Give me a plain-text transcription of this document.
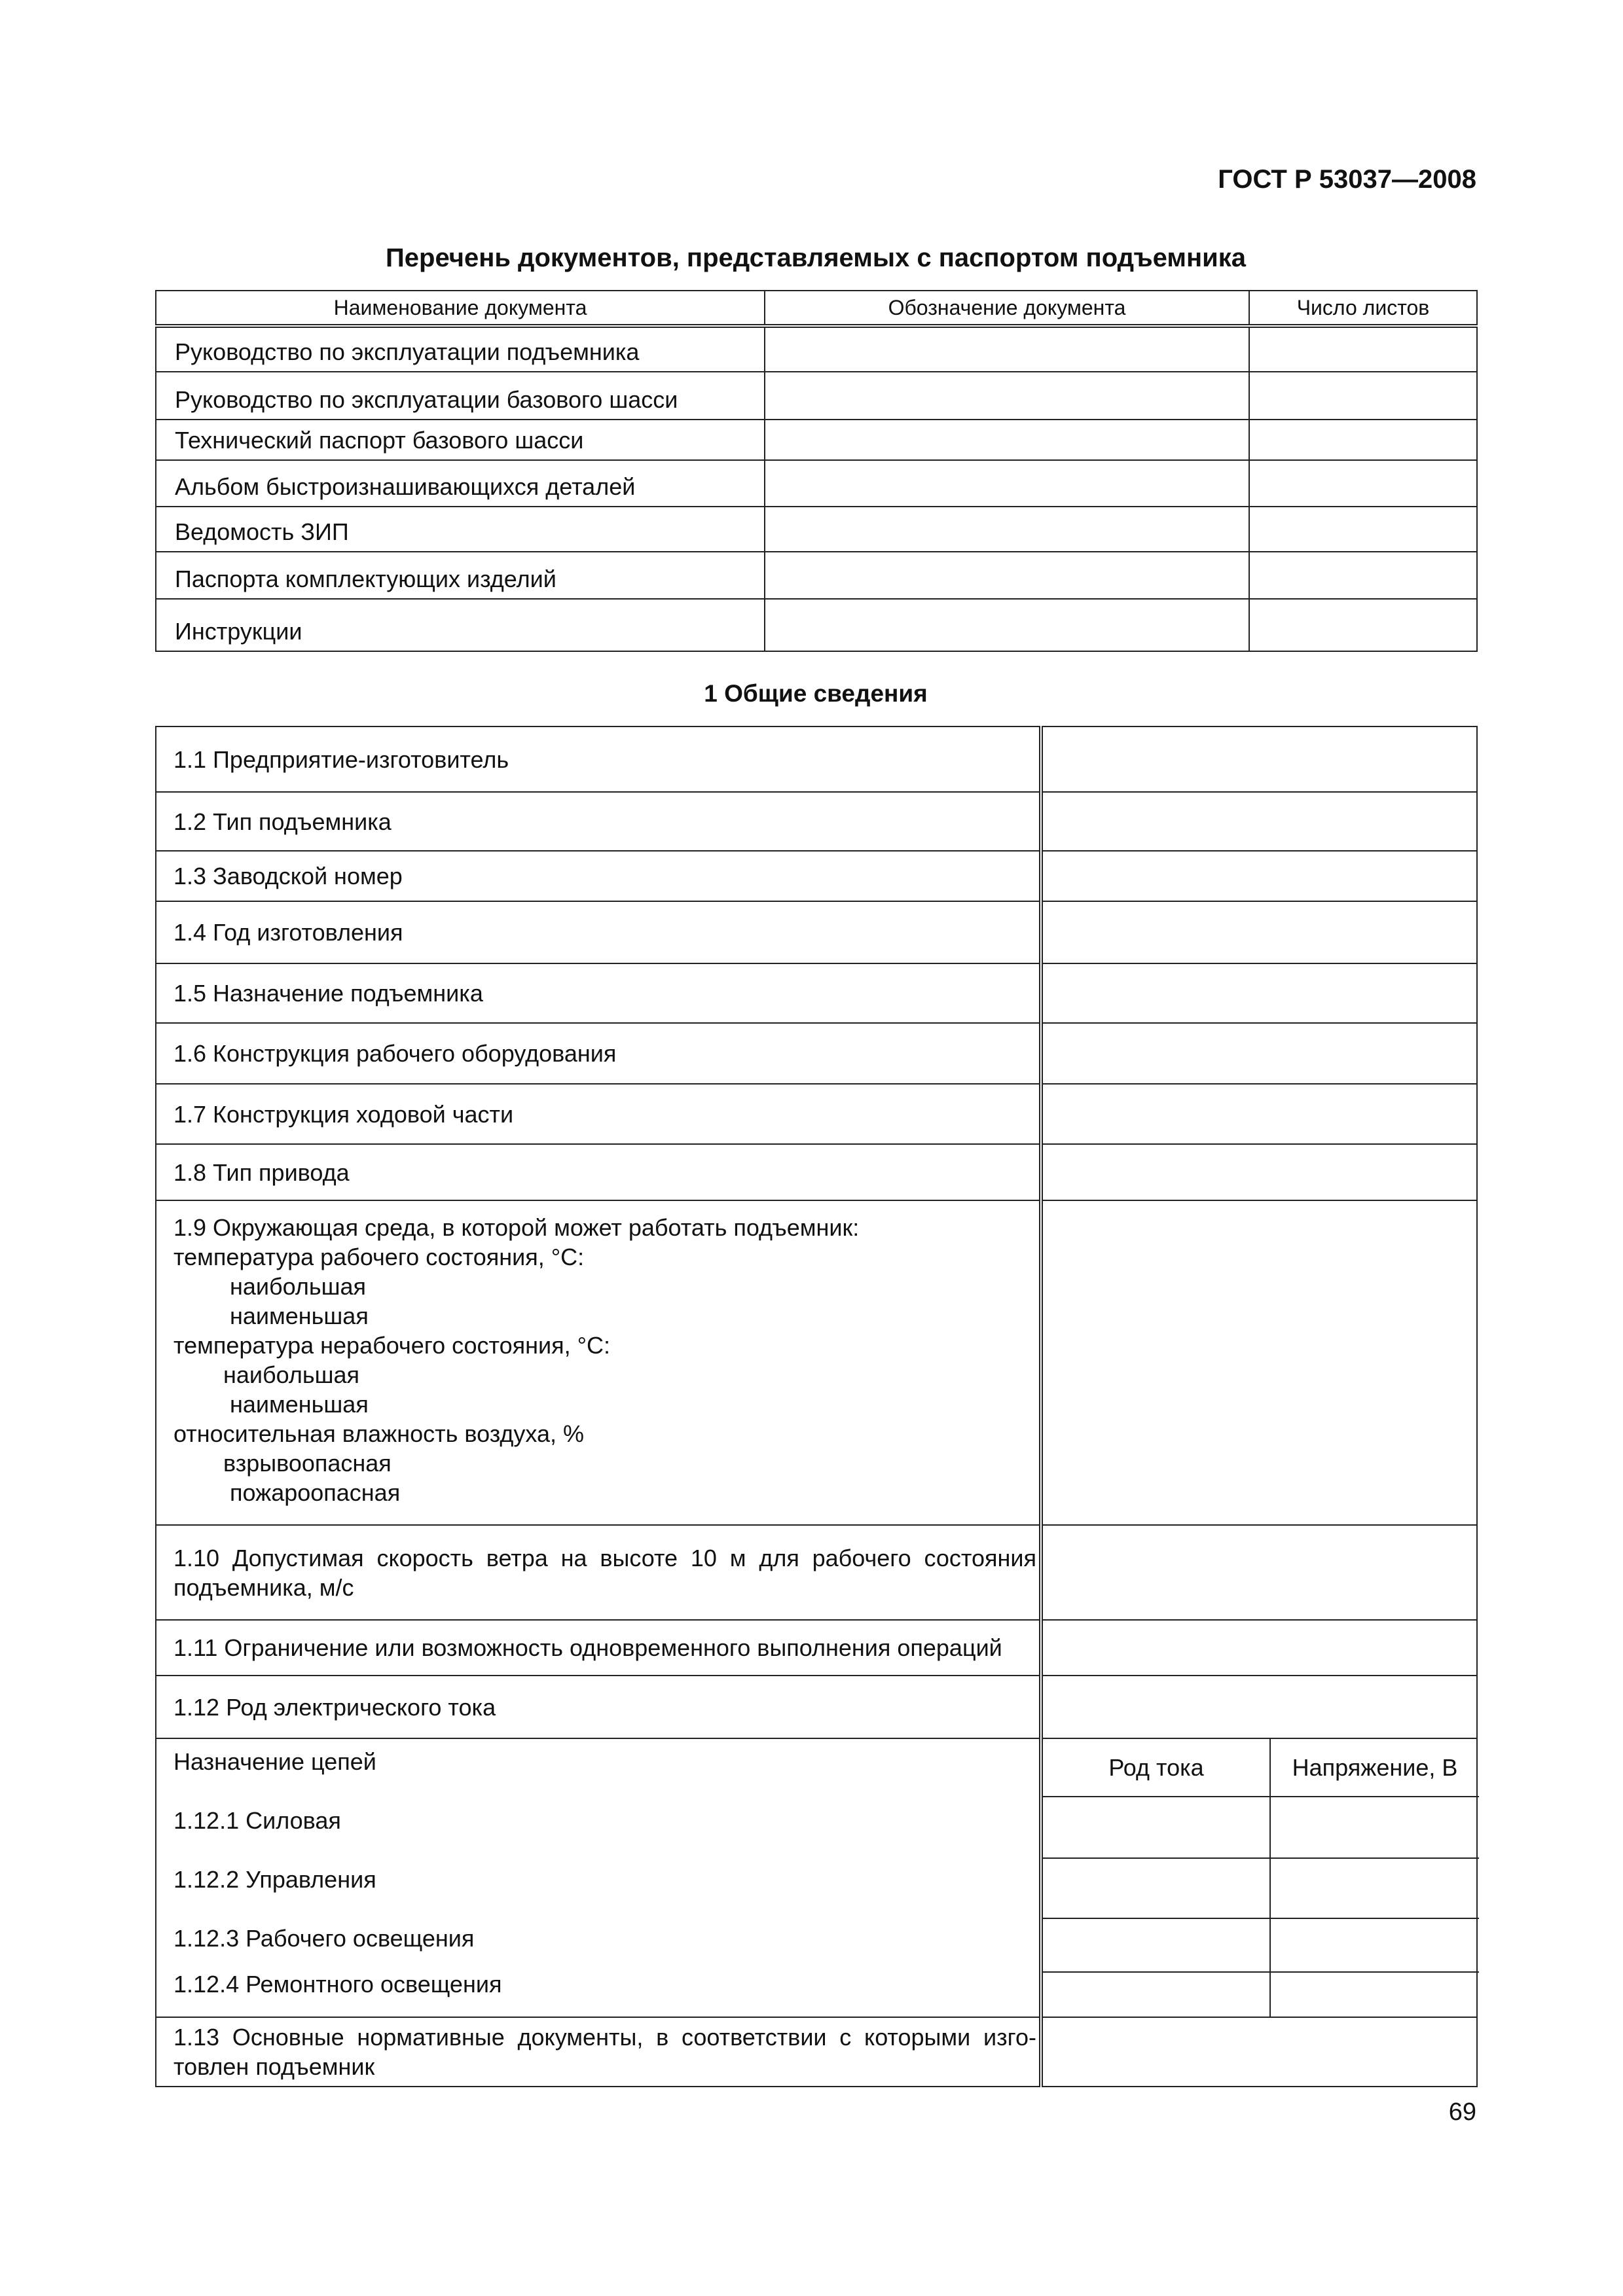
ГОСТ Р 53037—2008
Перечень документов, представляемых с паспортом подъемника
Наименование документа	Обозначение документа	Число листов
Руководство по эксплуатации подъемника		
Руководство по эксплуатации базового шасси		
Технический паспорт базового шасси		
Альбом быстроизнашивающихся деталей		
Ведомость ЗИП		
Паспорта комплектующих изделий		
Инструкции		
1 Общие сведения
1.1 Предприятие-изготовитель	
1.2 Тип подъемника	
1.3 Заводской номер	
1.4 Год изготовления	
1.5 Назначение подъемника	
1.6 Конструкция рабочего оборудования	
1.7 Конструкция ходовой части	
1.8 Тип привода	

1.9 Окружающая среда, в которой может работать подъемник:
температура рабочего состояния, °С:
наибольшая
наименьшая
температура нерабочего состояния, °С:
наибольшая
наименьшая
относительная влажность воздуха, %
взрывоопасная
пожароопасная

1.10 Допустимая скорость ветра на высоте 10 м для рабочего состояния подъемника, м/с	
1.11 Ограничение или возможность одновременного выполнения операций	
1.12 Род электрического тока	

Назначение цепей
1.12.1 Силовая
1.12.2 Управления
1.12.3 Рабочего освещения
1.12.4 Ремонтного освещения

Род тока	Напряжение, В

1.13 Основные нормативные документы, в соответствии с которыми изго- товлен подъемник	
69
